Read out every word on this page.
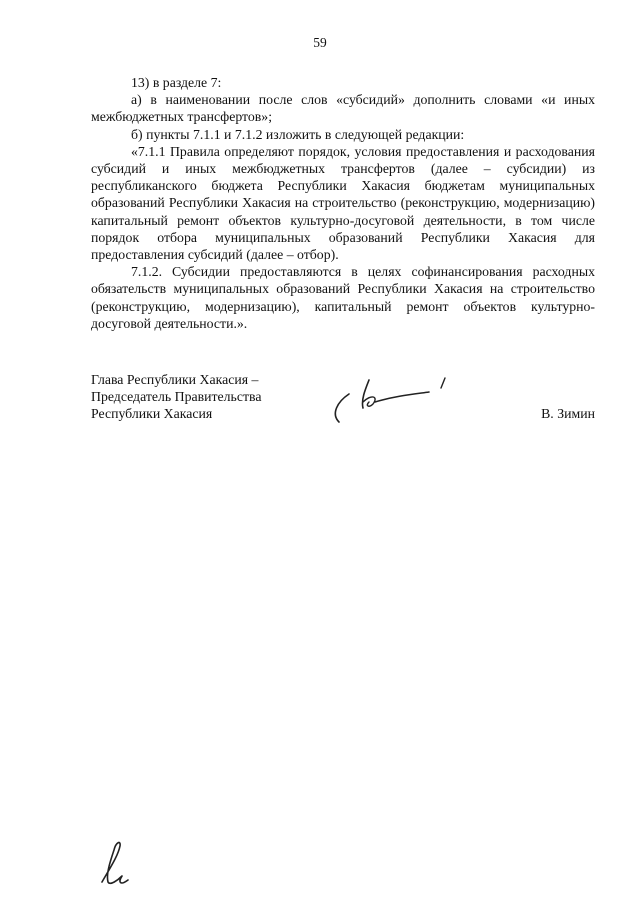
59

13) в разделе 7:

а) в наименовании после слов «субсидий» дополнить словами «и иных межбюджетных трансфертов»;

б) пункты 7.1.1 и 7.1.2 изложить в следующей редакции:

«7.1.1 Правила определяют порядок, условия предоставления и расходования субсидий и иных межбюджетных трансфертов (далее – субсидии) из республиканского бюджета Республики Хакасия бюджетам муниципальных образований Республики Хакасия на строительство (реконструкцию, модернизацию) капитальный ремонт объектов культурно-досуговой деятельности, в том числе порядок отбора муниципальных образований Республики Хакасия для предоставления субсидий (далее – отбор).

7.1.2. Субсидии предоставляются в целях софинансирования расходных обязательств муниципальных образований Республики Хакасия на строительство (реконструкцию, модернизацию), капитальный ремонт объектов культурно-досуговой деятельности.».

Глава Республики Хакасия –
Председатель Правительства
Республики Хакасия	В. Зимин
